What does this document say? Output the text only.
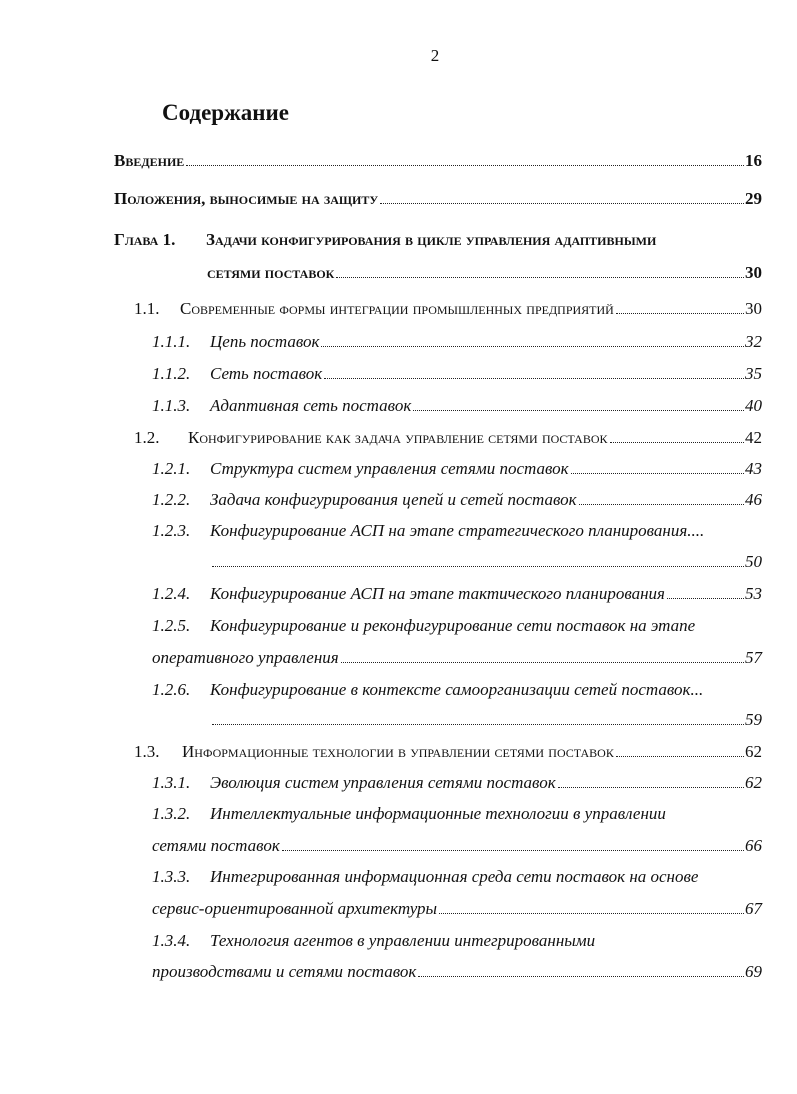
2
Содержание
Введение	16
Положения, выносимые на защиту	29
Глава 1.	Задачи конфигурирования в цикле управления адаптивными
сетями поставок	30
1.1.	Современные формы интеграции промышленных предприятий	30
1.1.1.	Цепь поставок	32
1.1.2.	Сеть поставок	35
1.1.3.	Адаптивная сеть поставок	40
1.2.	Конфигурирование как задача управление сетями поставок	42
1.2.1.	Структура систем управления сетями поставок	43
1.2.2.	Задача конфигурирования цепей и сетей поставок	46
1.2.3.	Конфигурирование АСП на этапе стратегического планирования....
50
1.2.4.	Конфигурирование АСП на этапе тактического планирования	53
1.2.5.	Конфигурирование и реконфигурирование сети поставок на этапе
оперативного управления	57
1.2.6.	Конфигурирование в контексте самоорганизации сетей поставок...
59
1.3.	Информационные технологии в управлении сетями поставок	62
1.3.1.	Эволюция систем управления сетями поставок	62
1.3.2.	Интеллектуальные информационные технологии в управлении
сетями поставок	66
1.3.3.	Интегрированная информационная среда сети поставок на основе
сервис-ориентированной архитектуры	67
1.3.4.	Технология агентов в управлении интегрированными
производствами и сетями поставок	69
